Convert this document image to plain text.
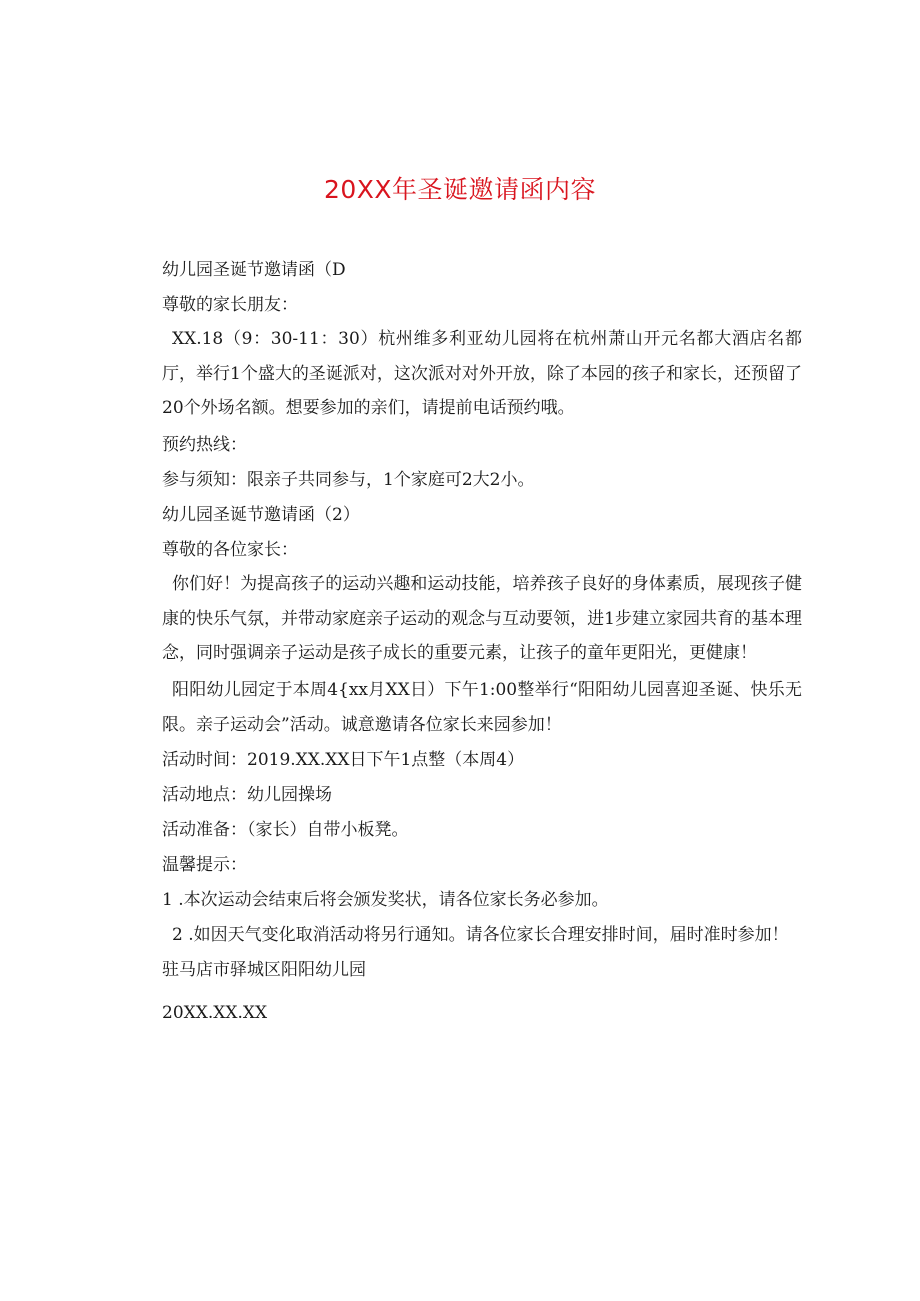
20XX年圣诞邀请函内容

幼儿园圣诞节邀请函（D

尊敬的家长朋友：

XX.18（9：30-11：30）杭州维多利亚幼儿园将在杭州萧山开元名都大酒店名都厅，举行1个盛大的圣诞派对，这次派对对外开放，除了本园的孩子和家长，还预留了20个外场名额。想要参加的亲们，请提前电话预约哦。

预约热线：

参与须知：限亲子共同参与，1个家庭可2大2小。

幼儿园圣诞节邀请函（2）

尊敬的各位家长：

你们好！为提高孩子的运动兴趣和运动技能，培养孩子良好的身体素质，展现孩子健康的快乐气氛，并带动家庭亲子运动的观念与互动要领，进1步建立家园共育的基本理念，同时强调亲子运动是孩子成长的重要元素，让孩子的童年更阳光，更健康！

阳阳幼儿园定于本周4{xx月XX日）下午1:00整举行“阳阳幼儿园喜迎圣诞、快乐无限。亲子运动会”活动。诚意邀请各位家长来园参加！

活动时间：2019.XX.XX日下午1点整（本周4）

活动地点：幼儿园操场

活动准备：（家长）自带小板凳。

温馨提示：

1 .本次运动会结束后将会颁发奖状，请各位家长务必参加。

2 .如因天气变化取消活动将另行通知。请各位家长合理安排时间，届时准时参加！

驻马店市驿城区阳阳幼儿园

20XX.XX.XX
